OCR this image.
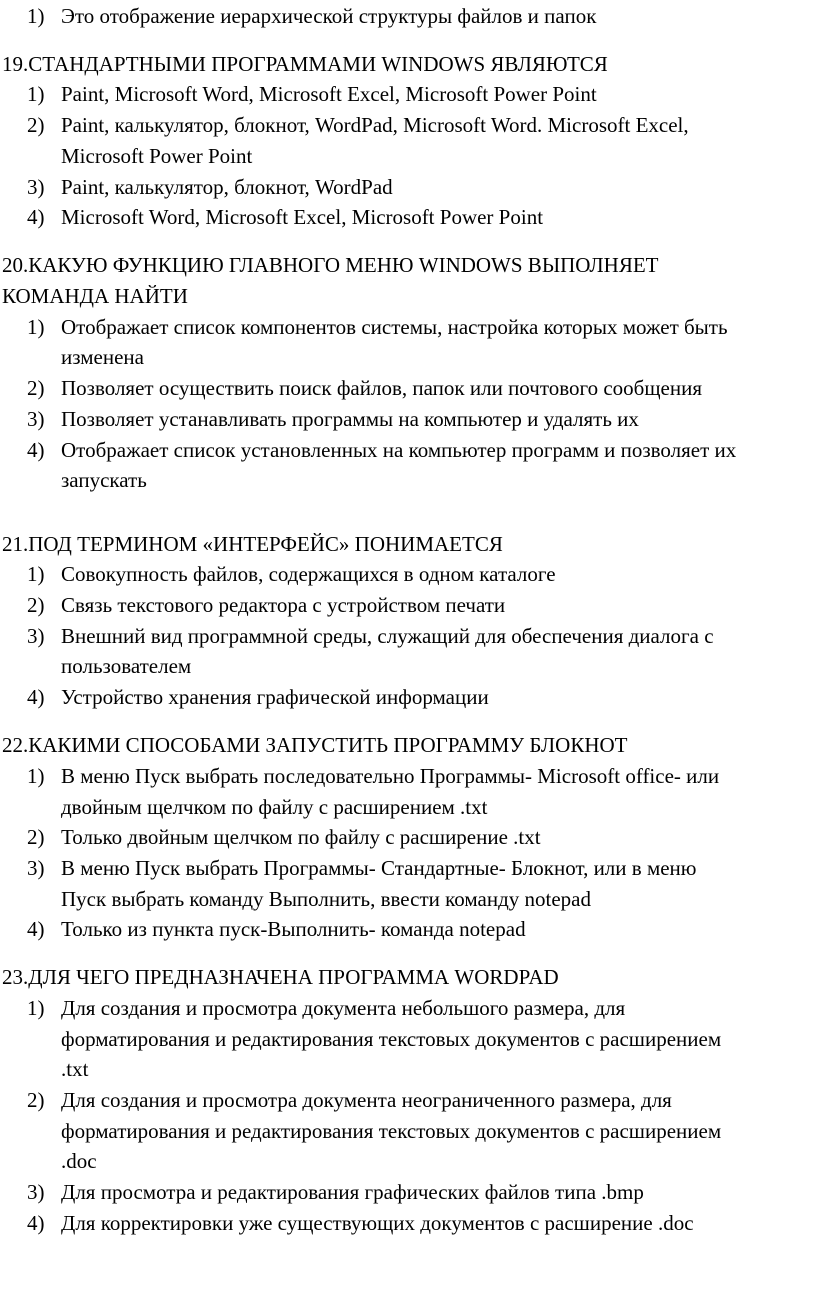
1) Это отображение иерархической структуры файлов и папок
19.СТАНДАРТНЫМИ ПРОГРАММАМИ WINDOWS ЯВЛЯЮТСЯ
1) Paint, Microsoft Word, Microsoft Excel, Microsoft Power Point
2) Paint, калькулятор, блокнот, WordPad, Microsoft Word. Microsoft Excel,
Microsoft Power Point
3) Paint, калькулятор, блокнот, WordPad
4) Microsoft Word, Microsoft Excel, Microsoft Power Point
20.КАКУЮ ФУНКЦИЮ ГЛАВНОГО МЕНЮ WINDOWS ВЫПОЛНЯЕТ
КОМАНДА НАЙТИ
1) Отображает список компонентов системы, настройка которых может быть
изменена
2) Позволяет осуществить поиск файлов, папок или почтового сообщения
3) Позволяет устанавливать программы на компьютер и удалять их
4) Отображает список установленных на компьютер программ и позволяет их
запускать
21.ПОД ТЕРМИНОМ «ИНТЕРФЕЙС» ПОНИМАЕТСЯ
1) Совокупность файлов, содержащихся в одном каталоге
2) Связь текстового редактора с устройством печати
3) Внешний вид программной среды, служащий для обеспечения диалога с
пользователем
4) Устройство хранения графической информации
22.КАКИМИ СПОСОБАМИ ЗАПУСТИТЬ ПРОГРАММУ БЛОКНОТ
1) В меню Пуск выбрать последовательно Программы- Microsoft office- или
двойным щелчком по файлу с расширением .txt
2) Только двойным щелчком по файлу с расширение .txt
3) В меню Пуск выбрать Программы- Стандартные- Блокнот, или в меню
Пуск выбрать команду Выполнить, ввести команду notepad
4) Только из пункта пуск-Выполнить- команда notepad
23.ДЛЯ ЧЕГО ПРЕДНАЗНАЧЕНА ПРОГРАММА WORDPAD
1) Для создания и просмотра документа небольшого размера, для
форматирования и редактирования текстовых документов с расширением
.txt
2) Для создания и просмотра документа неограниченного размера, для
форматирования и редактирования текстовых документов с расширением
.doc
3) Для просмотра и редактирования графических файлов типа .bmp
4) Для корректировки уже существующих документов с расширение .doc
